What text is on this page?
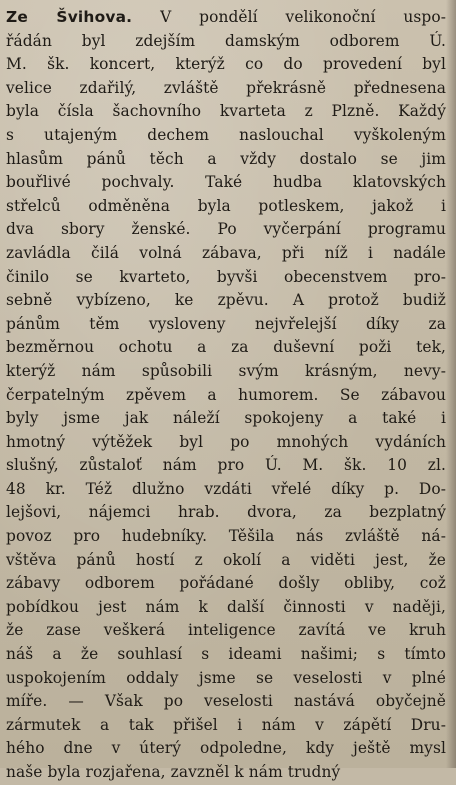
Ze Švihova. V pondělí velikonoční uspo-
řádán byl zdejším damským odborem Ú.
M. šk. koncert, kterýž co do provedení byl
velice zdařilý, zvláště překrásně přednesena
byla čísla šachovního kvarteta z Plzně. Každý
s utajeným dechem naslouchal vyškoleným
hlasům pánů těch a vždy dostalo se jim
bouřlivé pochvaly. Také hudba klatovských
střelců odměněna byla potleskem, jakož i
dva sbory ženské. Po vyčerpání programu
zavládla čilá volná zábava, při níž i nadále
činilo se kvarteto, byvši obecenstvem pro-
sebně vybízeno, ke zpěvu. A protož budiž
pánům těm vysloveny nejvřelejší díky za
bezměrnou ochotu a za duševní poži tek,
kterýž nám spůsobili svým krásným, nevy-
čerpatelným zpěvem a humorem. Se zábavou
byly jsme jak náleží spokojeny a také i
hmotný výtěžek byl po mnohých vydáních
slušný, zůstaloť nám pro Ú. M. šk. 10 zl.
48 kr. Též dlužno vzdáti vřelé díky p. Do-
lejšovi, nájemci hrab. dvora, za bezplatný
povoz pro hudebníky. Těšila nás zvláště ná-
vštěva pánů hostí z okolí a viděti jest, že
zábavy odborem pořádané došly obliby, což
pobídkou jest nám k další činnosti v naději,
že zase veškerá inteligence zavítá ve kruh
náš a že souhlasí s ideami našimi; s tímto
uspokojením oddaly jsme se veselosti v plné
míře. — Však po veselosti nastává obyčejně
zármutek a tak přišel i nám v zápětí Dru-
hého dne v úterý odpoledne, kdy ještě mysl
naše byla rozjařena, zavzněl k nám trudný
